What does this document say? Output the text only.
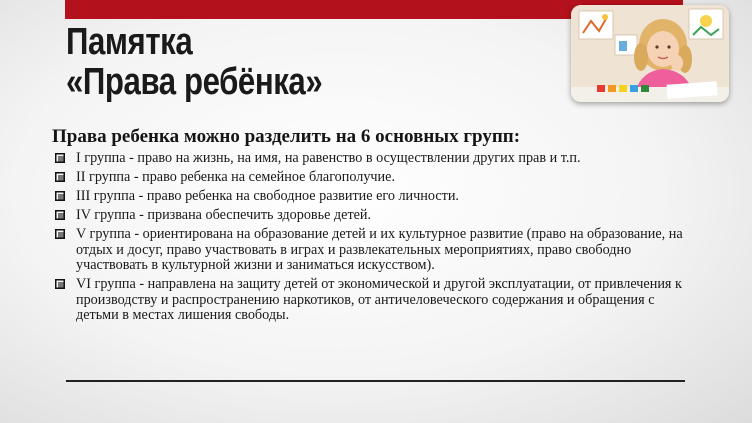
Памятка
«Права ребёнка»
Права ребенка можно разделить на 6 основных групп:
I группа - право на жизнь, на имя, на равенство в осуществлении других прав и т.п.
II группа - право ребенка на семейное благополучие.
III группа - право ребенка на свободное развитие его личности.
IV группа - призвана обеспечить здоровье детей.
V группа - ориентирована на образование детей и их культурное развитие (право на образование, на отдых и досуг, право участвовать в играх и развлекательных мероприятиях, право свободно участвовать в культурной жизни и заниматься искусством).
VI группа - направлена на защиту детей от экономической и другой эксплуатации, от привлечения к производству и распространению наркотиков, от античеловеческого содержания и обращения с детьми в местах лишения свободы.
